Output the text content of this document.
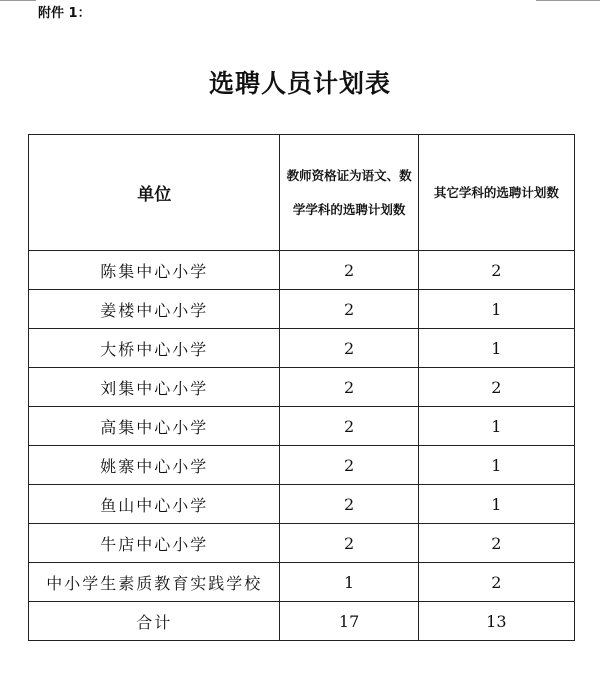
附件 1：
选聘人员计划表
单位	教师资格证为语文、数学学科的选聘计划数	其它学科的选聘计划数
陈集中心小学	2	2
姜楼中心小学	2	1
大桥中心小学	2	1
刘集中心小学	2	2
高集中心小学	2	1
姚寨中心小学	2	1
鱼山中心小学	2	1
牛店中心小学	2	2
中小学生素质教育实践学校	1	2
合计	17	13
